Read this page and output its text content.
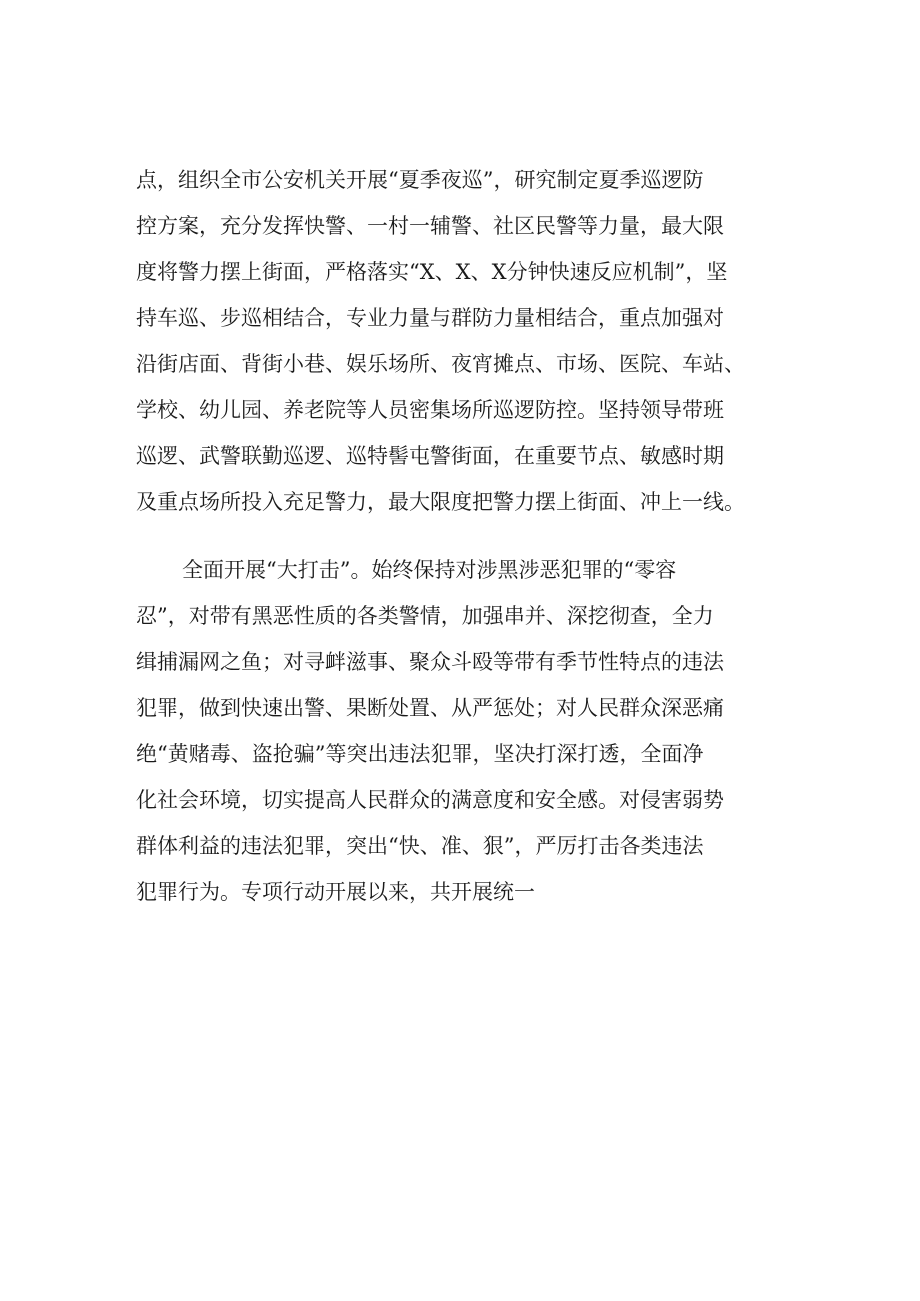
点，组织全市公安机关开展“夏季夜巡”，研究制定夏季巡逻防
控方案，充分发挥快警、一村一辅警、社区民警等力量，最大限
度将警力摆上街面，严格落实“X、X、X分钟快速反应机制”，坚
持车巡、步巡相结合，专业力量与群防力量相结合，重点加强对
沿街店面、背街小巷、娱乐场所、夜宵摊点、市场、医院、车站、
学校、幼儿园、养老院等人员密集场所巡逻防控。坚持领导带班
巡逻、武警联勤巡逻、巡特髻屯警街面，在重要节点、敏感时期
及重点场所投入充足警力，最大限度把警力摆上街面、冲上一线。
全面开展“大打击”。始终保持对涉黑涉恶犯罪的“零容
忍”，对带有黑恶性质的各类警情，加强串并、深挖彻查，全力
缉捕漏网之鱼；对寻衅滋事、聚众斗殴等带有季节性特点的违法
犯罪，做到快速出警、果断处置、从严惩处；对人民群众深恶痛
绝“黄赌毒、盗抢骗”等突出违法犯罪，坚决打深打透，全面净
化社会环境，切实提高人民群众的满意度和安全感。对侵害弱势
群体利益的违法犯罪，突出“快、准、狠”，严厉打击各类违法
犯罪行为。专项行动开展以来，共开展统一
